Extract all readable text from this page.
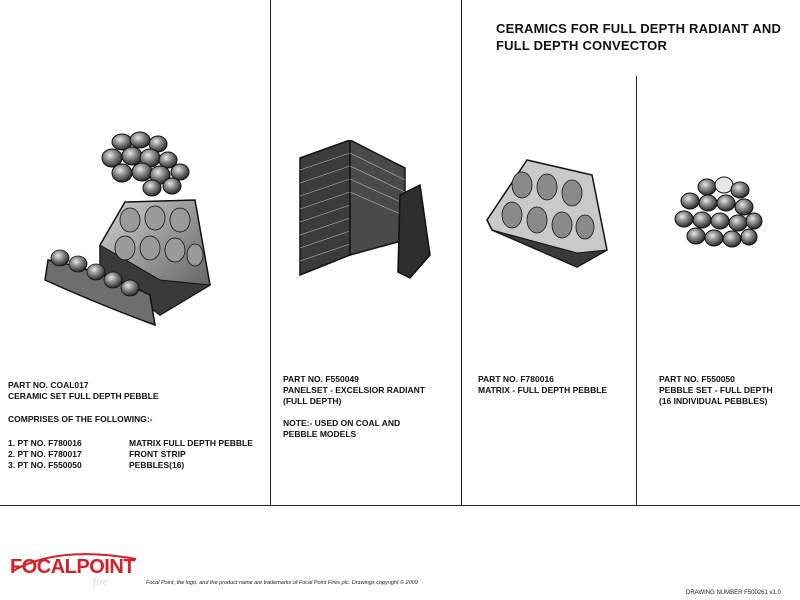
CERAMICS FOR FULL DEPTH RADIANT AND
FULL DEPTH CONVECTOR
PART NO. COAL017
CERAMIC SET FULL DEPTH PEBBLE
COMPRISES OF THE FOLLOWING:-
1. PT NO. F780016	MATRIX FULL DEPTH PEBBLE
2. PT NO. F780017	FRONT STRIP
3. PT NO. F550050	PEBBLES(16)
PART NO. F550049
PANELSET - EXCELSIOR RADIANT
(FULL DEPTH)
NOTE:- USED ON COAL AND
PEBBLE MODELS
PART NO. F780016
MATRIX - FULL DEPTH PEBBLE
PART NO. F550050
PEBBLE SET - FULL DEPTH
(16 INDIVIDUAL PEBBLES)
fire
FOCALPOINT
Focal Point, the logo, and the product name are trademarks of Focal Point Fires plc. Drawings copyright © 2009
DRAWING NUMBER F500261 v1.0
